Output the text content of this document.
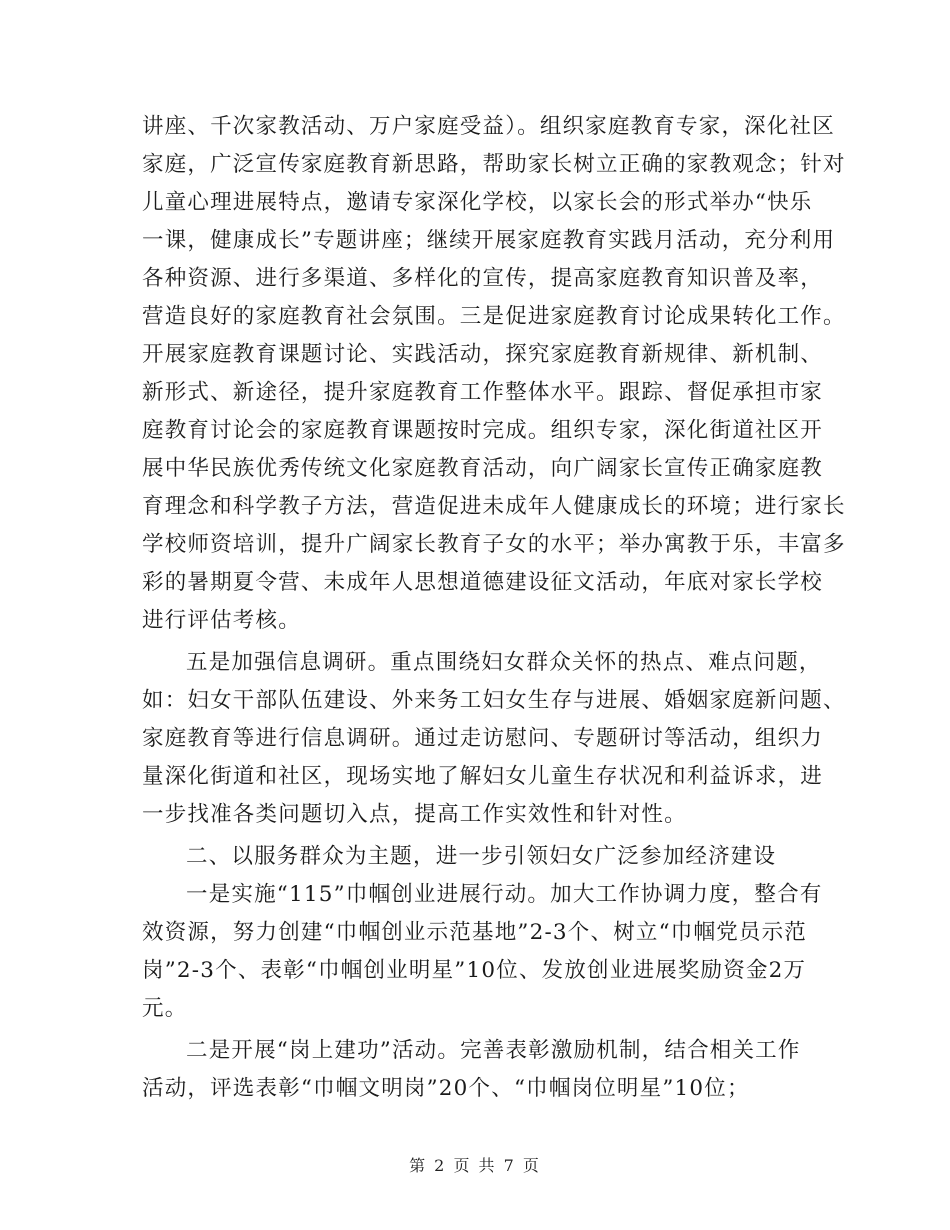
讲座、千次家教活动、万户家庭受益）。组织家庭教育专家，深化社区
家庭，广泛宣传家庭教育新思路，帮助家长树立正确的家教观念；针对
儿童心理进展特点，邀请专家深化学校，以家长会的形式举办“快乐
一课，健康成长”专题讲座；继续开展家庭教育实践月活动，充分利用
各种资源、进行多渠道、多样化的宣传，提高家庭教育知识普及率，
营造良好的家庭教育社会氛围。三是促进家庭教育讨论成果转化工作。
开展家庭教育课题讨论、实践活动，探究家庭教育新规律、新机制、
新形式、新途径，提升家庭教育工作整体水平。跟踪、督促承担市家
庭教育讨论会的家庭教育课题按时完成。组织专家，深化街道社区开
展中华民族优秀传统文化家庭教育活动，向广阔家长宣传正确家庭教
育理念和科学教子方法，营造促进未成年人健康成长的环境；进行家长
学校师资培训，提升广阔家长教育子女的水平；举办寓教于乐，丰富多
彩的暑期夏令营、未成年人思想道德建设征文活动，年底对家长学校
进行评估考核。
五是加强信息调研。重点围绕妇女群众关怀的热点、难点问题，
如：妇女干部队伍建设、外来务工妇女生存与进展、婚姻家庭新问题、
家庭教育等进行信息调研。通过走访慰问、专题研讨等活动，组织力
量深化街道和社区，现场实地了解妇女儿童生存状况和利益诉求，进
一步找准各类问题切入点，提高工作实效性和针对性。
二、以服务群众为主题，进一步引领妇女广泛参加经济建设
一是实施“115”巾帼创业进展行动。加大工作协调力度，整合有
效资源，努力创建“巾帼创业示范基地”2-3个、树立“巾帼党员示范
岗”2-3个、表彰“巾帼创业明星”10位、发放创业进展奖励资金2万
元。
二是开展“岗上建功”活动。完善表彰激励机制，结合相关工作
活动，评选表彰“巾帼文明岗”20个、“巾帼岗位明星”10位；
第 2 页 共 7 页
